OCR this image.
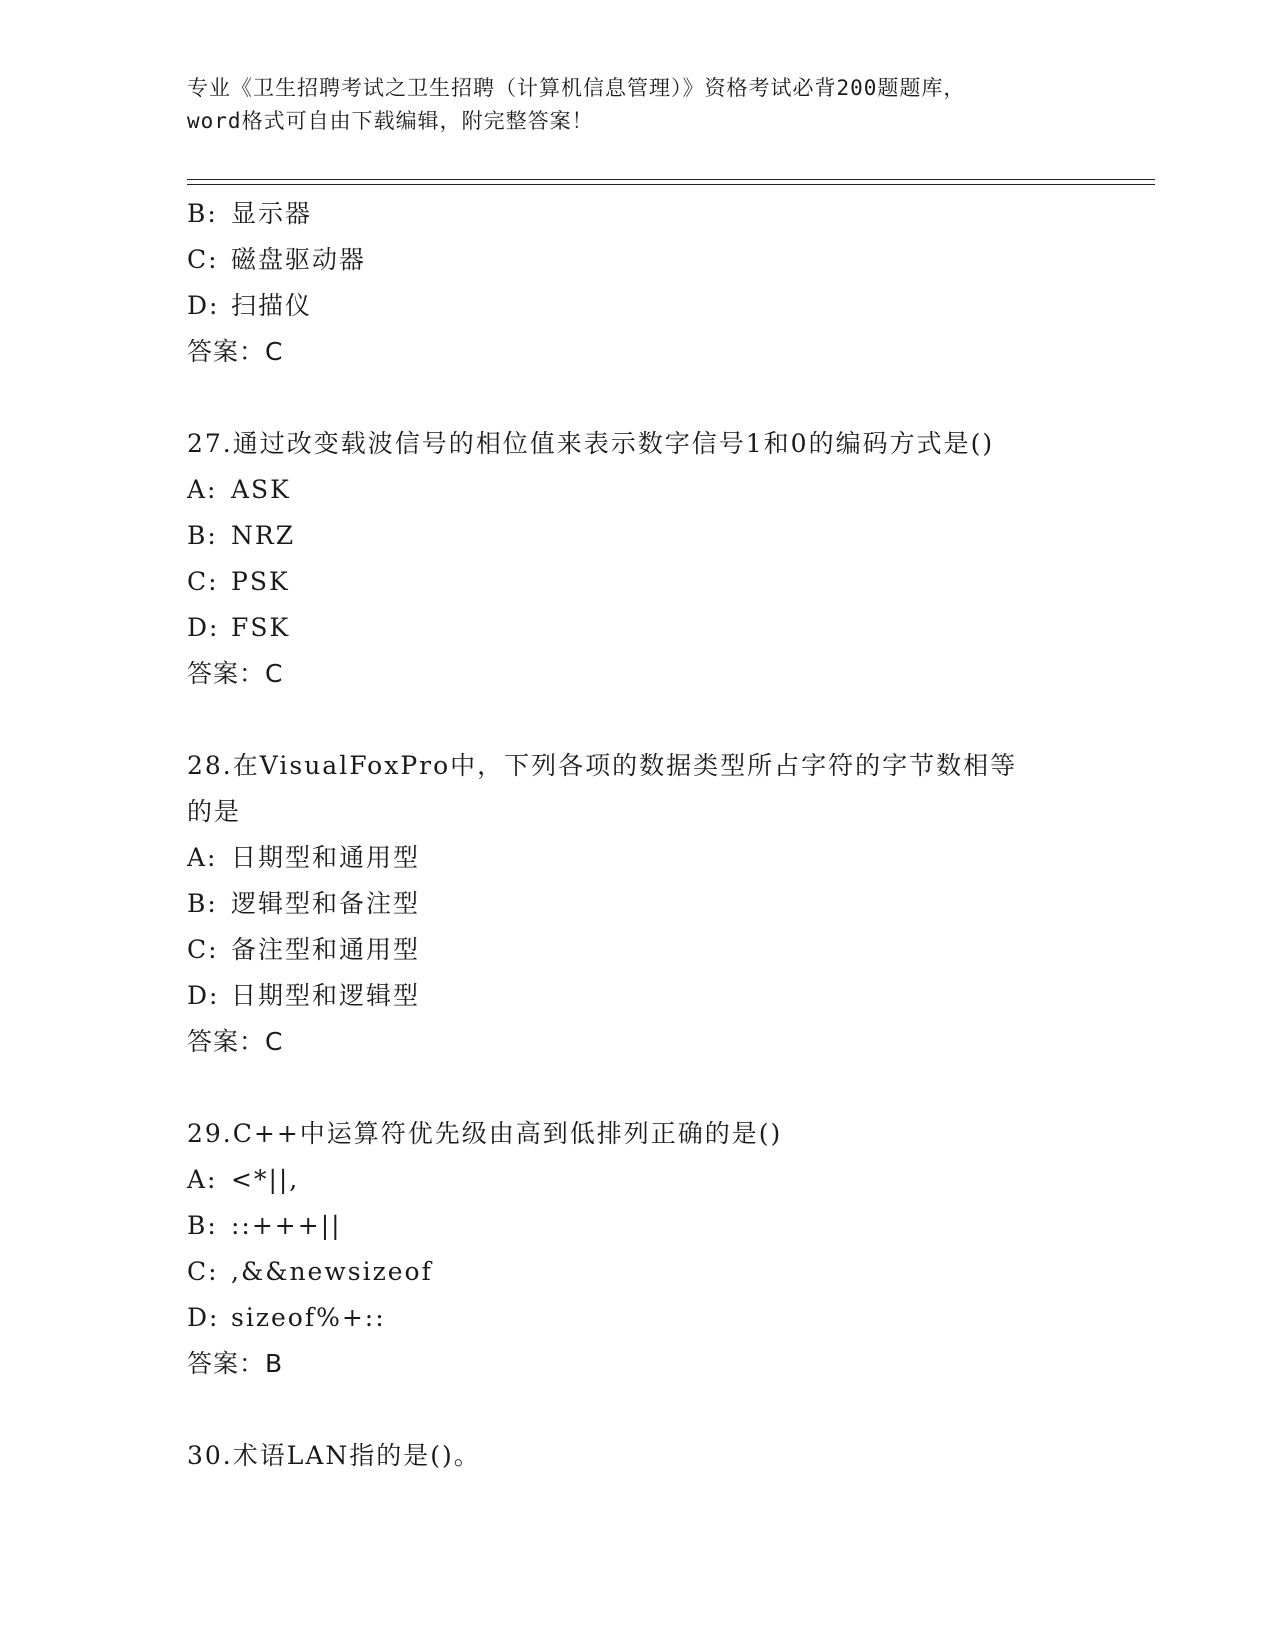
专业《卫生招聘考试之卫生招聘（计算机信息管理）》资格考试必背200题题库，

word格式可自由下载编辑，附完整答案！

B: 显示器
C: 磁盘驱动器
D: 扫描仪
答案：C
27.通过改变载波信号的相位值来表示数字信号1和0的编码方式是()
A: ASK
B: NRZ
C: PSK
D: FSK
答案：C
28.在VisualFoxPro中，下列各项的数据类型所占字符的字节数相等
的是
A: 日期型和通用型
B: 逻辑型和备注型
C: 备注型和通用型
D: 日期型和逻辑型
答案：C
29.C++中运算符优先级由高到低排列正确的是()
A: <*||,
B: ::+++||
C: ,&&newsizeof
D: sizeof%+::
答案：B
30.术语LAN指的是()。
